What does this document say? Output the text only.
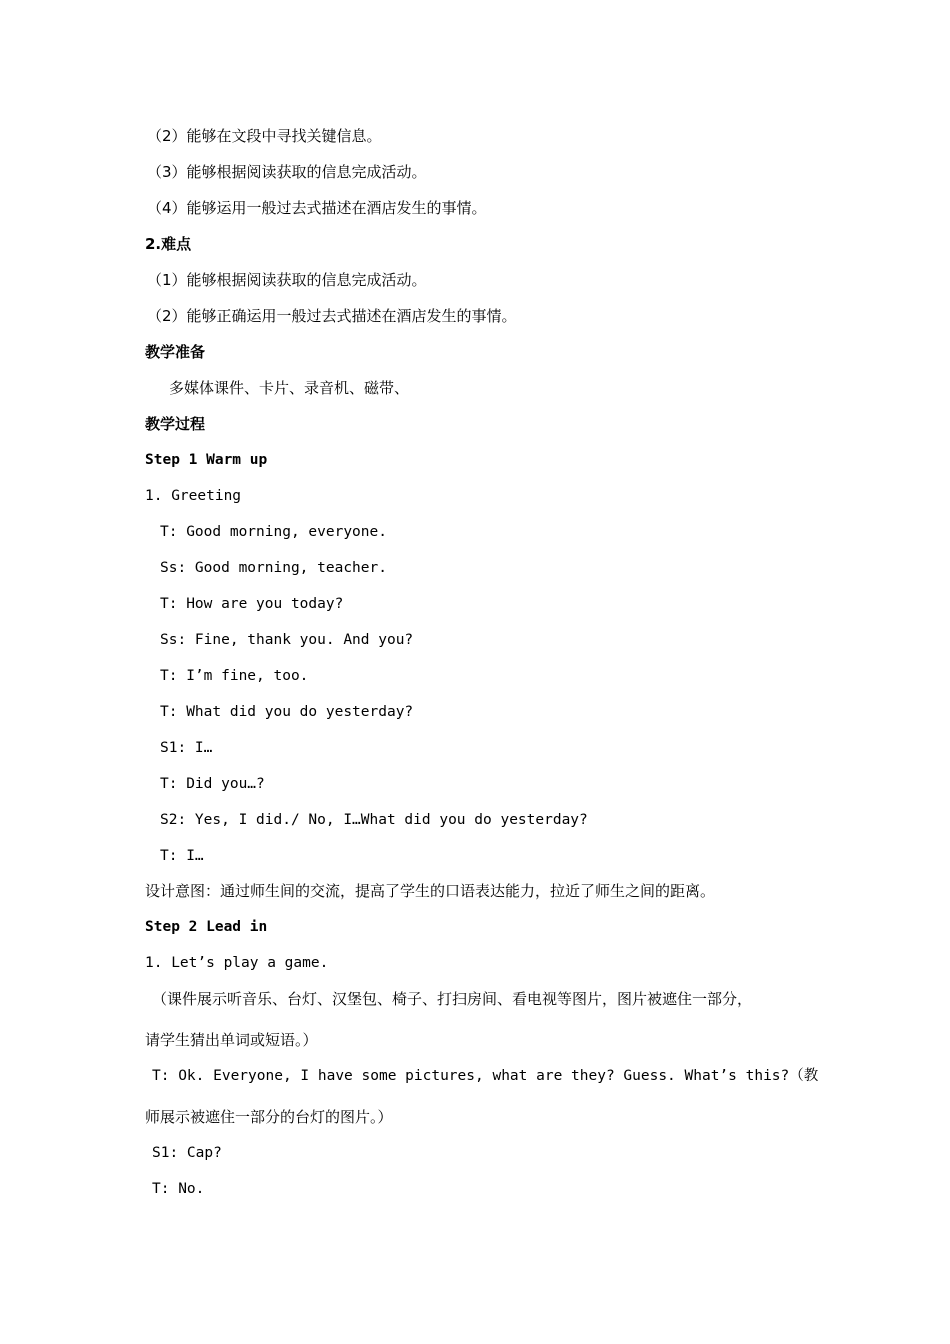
（2）能够在文段中寻找关键信息。
（3）能够根据阅读获取的信息完成活动。
（4）能够运用一般过去式描述在酒店发生的事情。
2.难点
（1）能够根据阅读获取的信息完成活动。
（2）能够正确运用一般过去式描述在酒店发生的事情。
教学准备
多媒体课件、卡片、录音机、磁带、
教学过程
Step 1 Warm up
1. Greeting
T: Good morning, everyone.
Ss: Good morning, teacher.
T: How are you today?
Ss: Fine, thank you. And you?
T: I’m fine, too.
T: What did you do yesterday?
S1: I…
T: Did you…?
S2: Yes, I did./ No, I…What did you do yesterday?
T: I…
设计意图：通过师生间的交流，提高了学生的口语表达能力，拉近了师生之间的距离。
Step 2 Lead in
1. Let’s play a game.
（课件展示听音乐、台灯、汉堡包、椅子、打扫房间、看电视等图片，图片被遮住一部分，
请学生猜出单词或短语。）
T: Ok. Everyone, I have some pictures, what are they? Guess. What’s this?（教
师展示被遮住一部分的台灯的图片。）
S1: Cap?
T: No.
